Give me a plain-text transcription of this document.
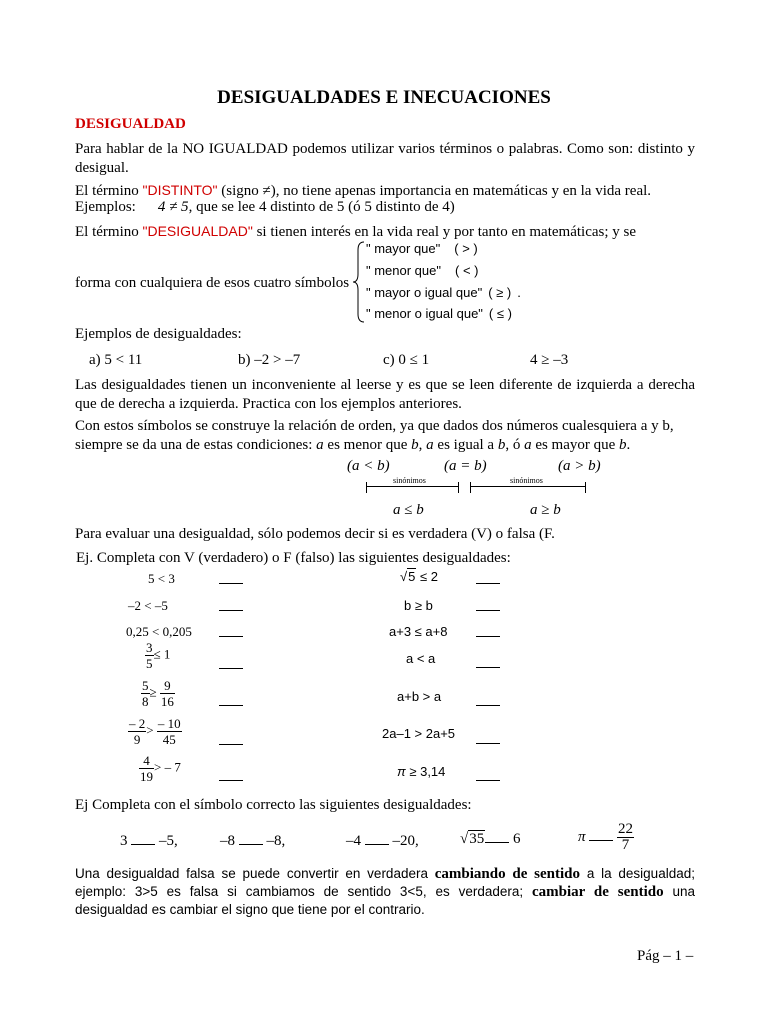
DESIGUALDADES E INECUACIONES
DESIGUALDAD
Para hablar de la NO IGUALDAD podemos utilizar varios términos o palabras. Como son: distinto y desigual.
El término "DISTINTO" (signo ≠), no tiene apenas importancia en matemáticas y en la vida real.
Ejemplos: 4 ≠ 5, que se lee 4 distinto de 5 (ó 5 distinto de 4)
El término "DESIGUALDAD" si tienen interés en la vida real y por tanto en matemáticas; y se
forma con cualquiera de esos cuatro símbolos
" mayor que" ( > )
" menor que" ( < )
" mayor o igual que" ( ≥ ) .
" menor o igual que" ( ≤ )
Ejemplos de desigualdades:
a) 5 < 11	b) –2 > –7	c) 0 ≤ 1	4 ≥ –3
Las desigualdades tienen un inconveniente al leerse y es que se leen diferente de izquierda a derecha que de derecha a izquierda. Practica con los ejemplos anteriores.
Con estos símbolos se construye la relación de orden, ya que dados dos números cualesquiera a y b,
siempre se da una de estas condiciones: a es menor que b, a es igual a b, ó a es mayor que b.
(a < b)	(a = b)	(a > b)
sinónimos	sinónimos
a ≤ b	a ≥ b
Para evaluar una desigualdad, sólo podemos decir si es verdadera (V) o falsa (F.
Ej. Completa con V (verdadero) o F (falso) las siguientes desigualdades:
5 < 3
–2 < –5
0,25 < 0,205
$\frac{3}{5} \le 1$
$\frac{5}{8} \ge \frac{9}{16}$
$\frac{- 2}{9} > \frac{- 10}{45}$
$\frac{4}{19}$ > – 7
√5 ≤ 2
b ≥ b
a+3 ≤ a+8
a < a
a+b > a
2a–1 > 2a+5
π ≥ 3,14
Ej Completa con el símbolo correcto las siguientes desigualdades:
3 –5,	–8 –8,	–4 –20,	√35 6	π $\frac{22}{7}$
Una desigualdad falsa se puede convertir en verdadera cambiando de sentido a la desigualdad; ejemplo: 3>5 es falsa si cambiamos de sentido 3<5, es verdadera; cambiar de sentido una desigualdad es cambiar el signo que tiene por el contrario.
Pág – 1 –
